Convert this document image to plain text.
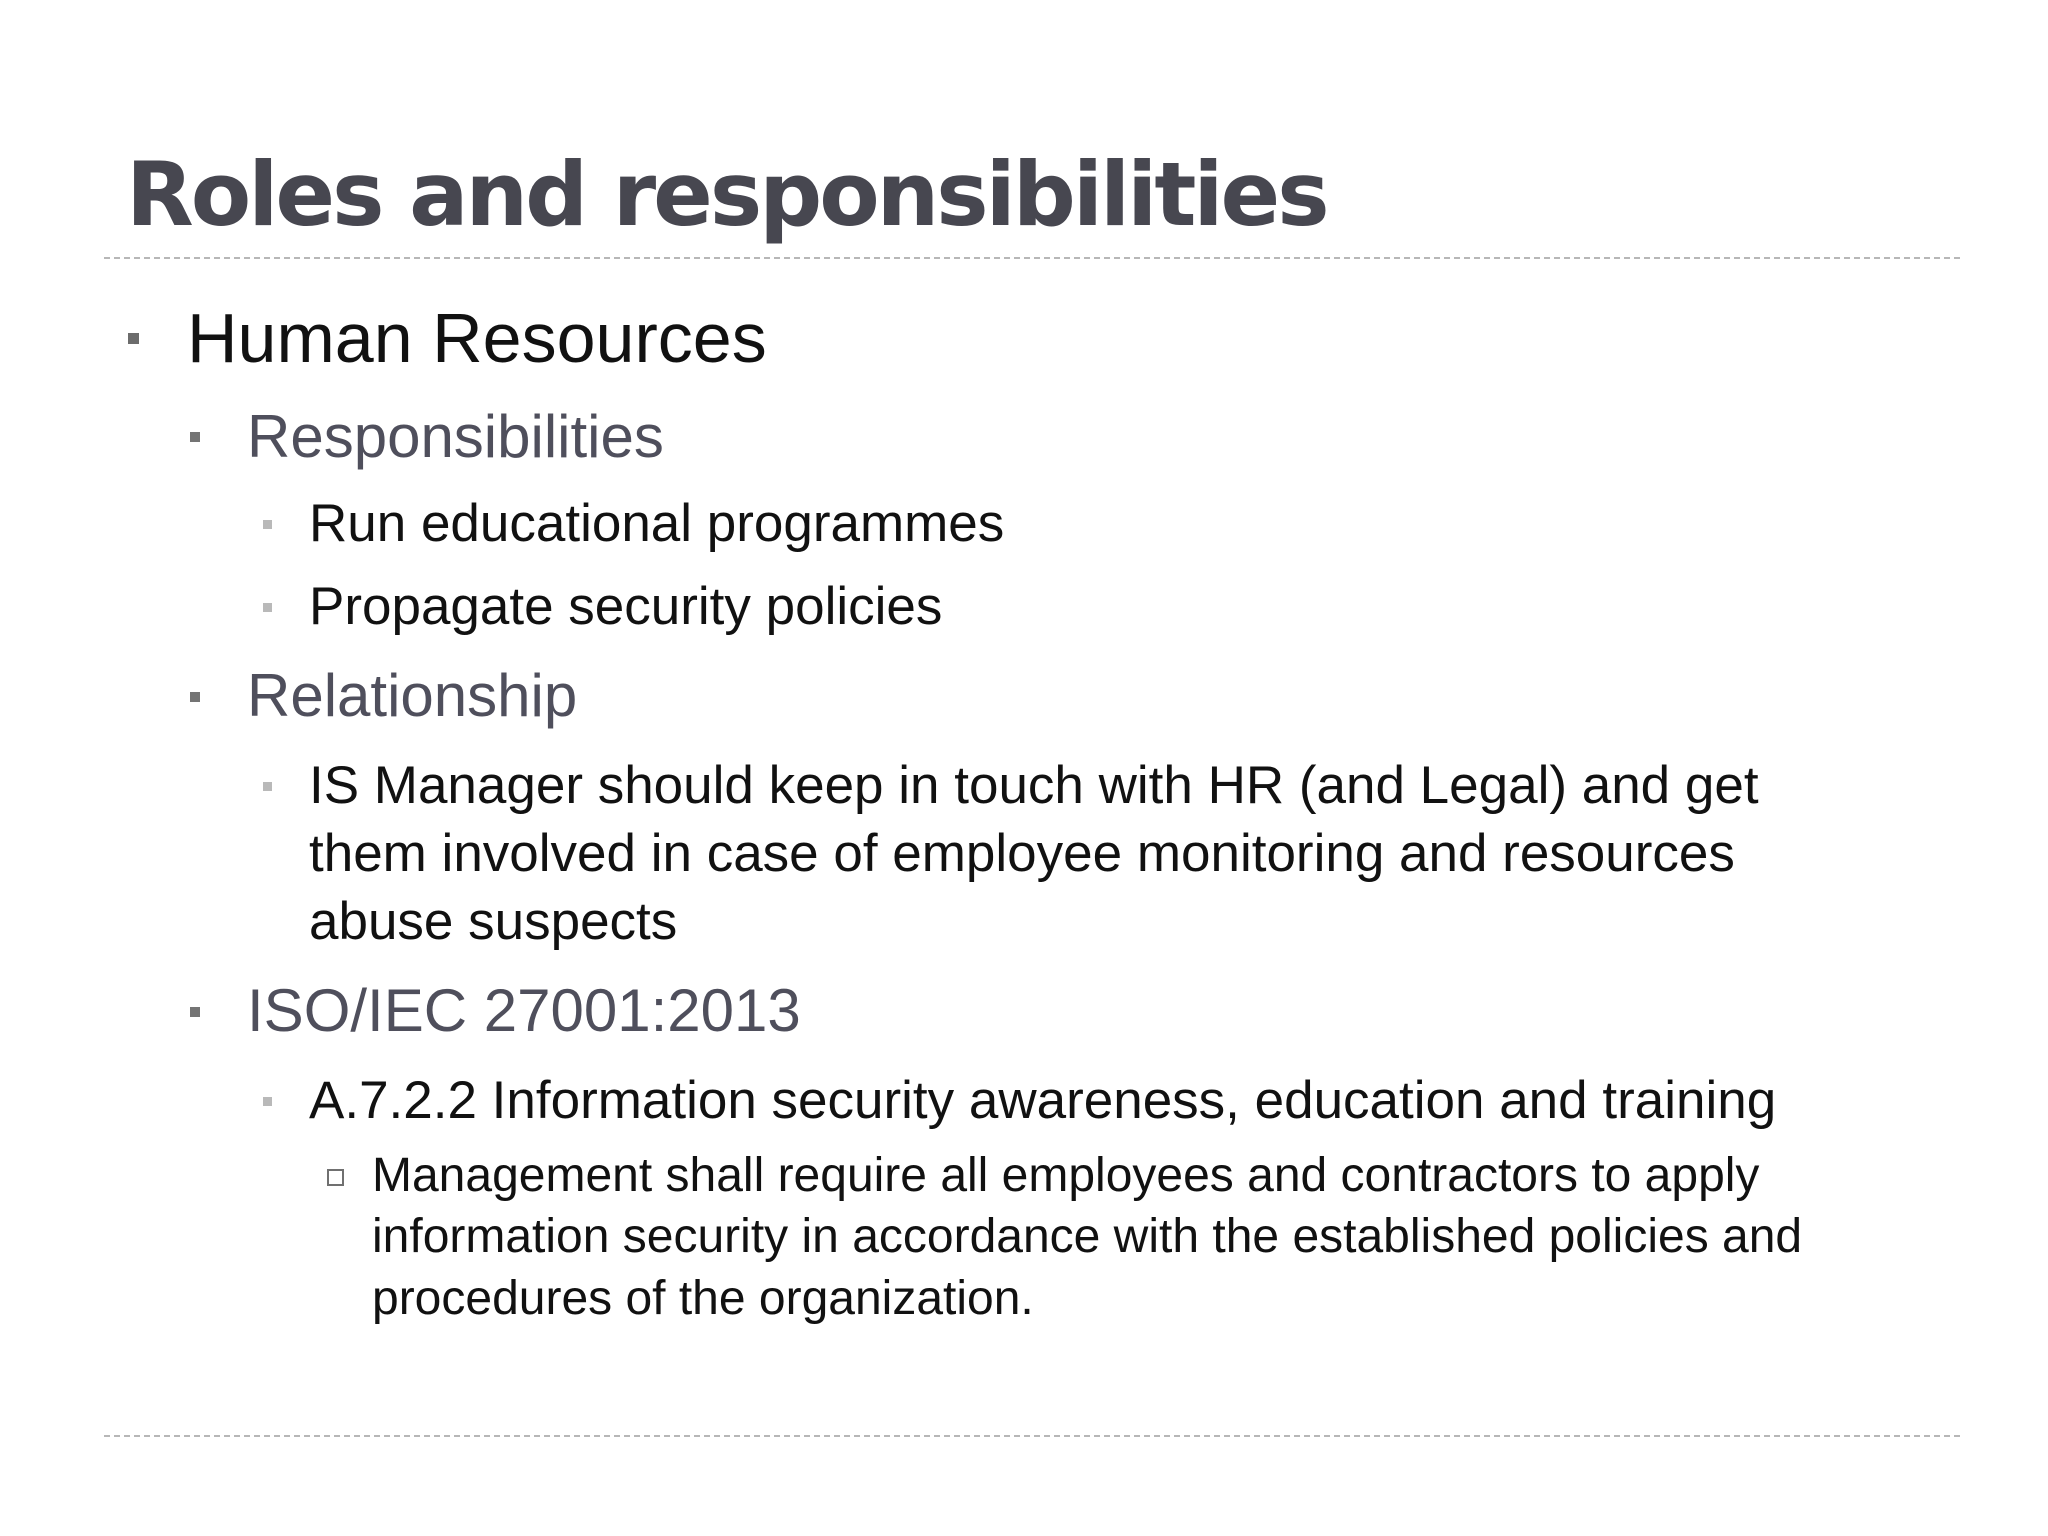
Roles and responsibilities
Human Resources
Responsibilities
Run educational programmes
Propagate security policies
Relationship
IS Manager should keep in touch with HR (and Legal) and get
them involved in case of employee monitoring and resources
abuse suspects
ISO/IEC 27001:2013
A.7.2.2 Information security awareness, education and training
Management shall require all employees and contractors to apply
information security in accordance with the established policies and
procedures of the organization.
